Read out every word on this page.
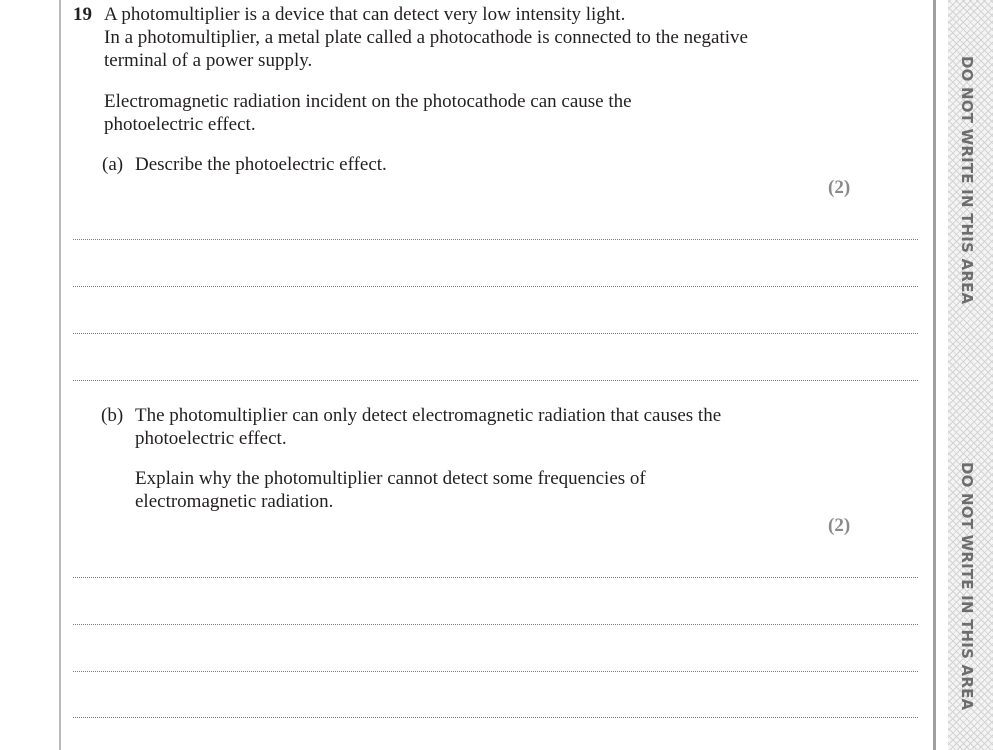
DO NOT WRITE IN THIS AREA
DO NOT WRITE IN THIS AREA
19 A photomultiplier is a device that can detect very low intensity light.
In a photomultiplier, a metal plate called a photocathode is connected to the negative
terminal of a power supply.
Electromagnetic radiation incident on the photocathode can cause the
photoelectric effect.
(a) Describe the photoelectric effect.
(2)
(b) The photomultiplier can only detect electromagnetic radiation that causes the
photoelectric effect.
Explain why the photomultiplier cannot detect some frequencies of
electromagnetic radiation.
(2)
